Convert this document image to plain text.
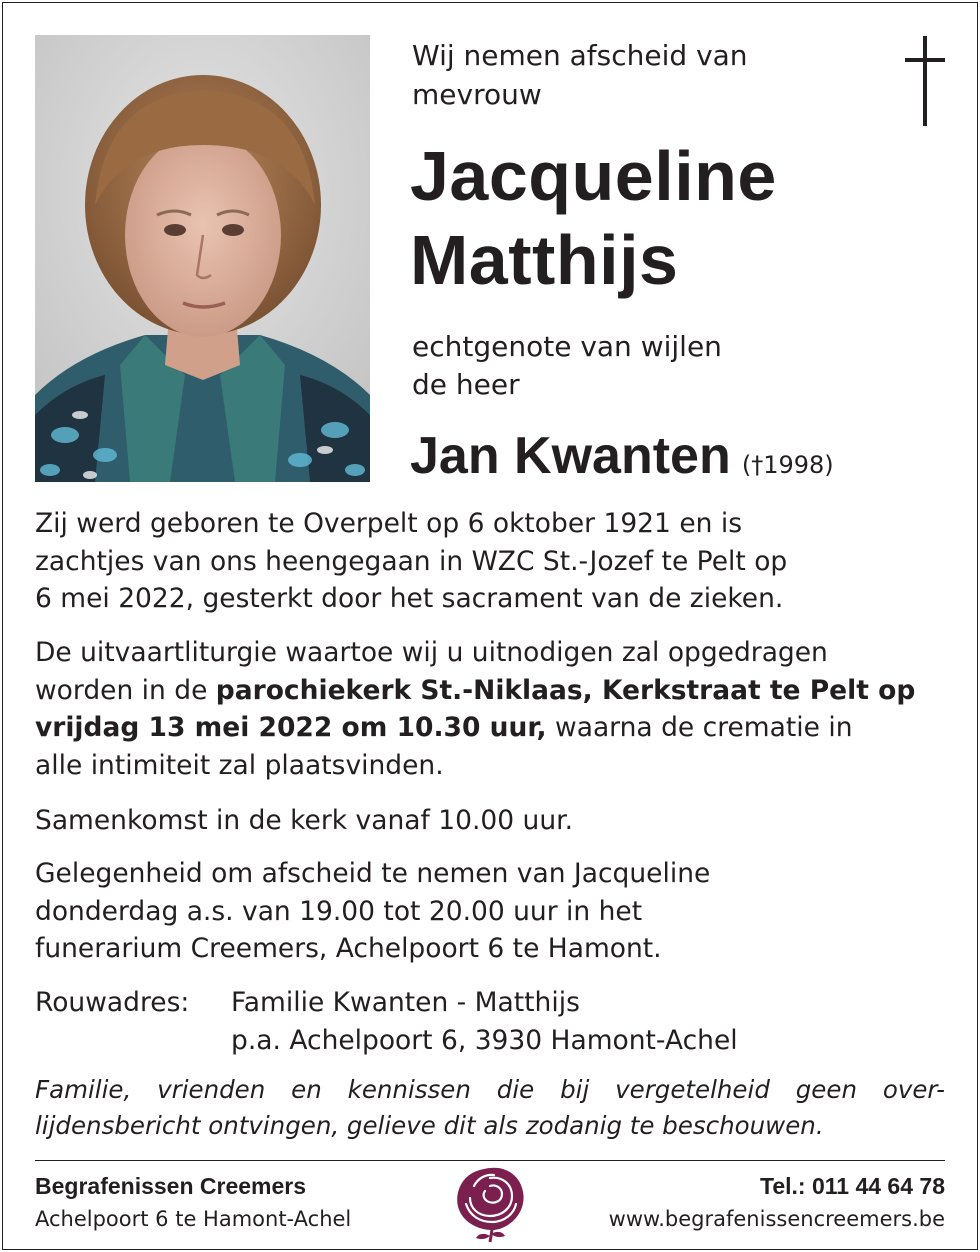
Wij nemen afscheid van
mevrouw
Jacqueline
Matthijs
echtgenote van wijlen
de heer
Jan Kwanten (†1998)
Zij werd geboren te Overpelt op 6 oktober 1921 en is
zachtjes van ons heengegaan in WZC St.-Jozef te Pelt op
6 mei 2022, gesterkt door het sacrament van de zieken.
De uitvaartliturgie waartoe wij u uitnodigen zal opgedragen
worden in de parochiekerk St.-Niklaas, Kerkstraat te Pelt op
vrijdag 13 mei 2022 om 10.30 uur, waarna de crematie in
alle intimiteit zal plaatsvinden.
Samenkomst in de kerk vanaf 10.00 uur.
Gelegenheid om afscheid te nemen van Jacqueline
donderdag a.s. van 19.00 tot 20.00 uur in het
funerarium Creemers, Achelpoort 6 te Hamont.
Rouwadres: Familie Kwanten - Matthijs
p.a. Achelpoort 6, 3930 Hamont-Achel
Familie, vrienden en kennissen die bij vergetelheid geen over-
lijdensbericht ontvingen, gelieve dit als zodanig te beschouwen.
Begrafenissen Creemers
Achelpoort 6 te Hamont-Achel
Tel.: 011 44 64 78
www.begrafenissencreemers.be
